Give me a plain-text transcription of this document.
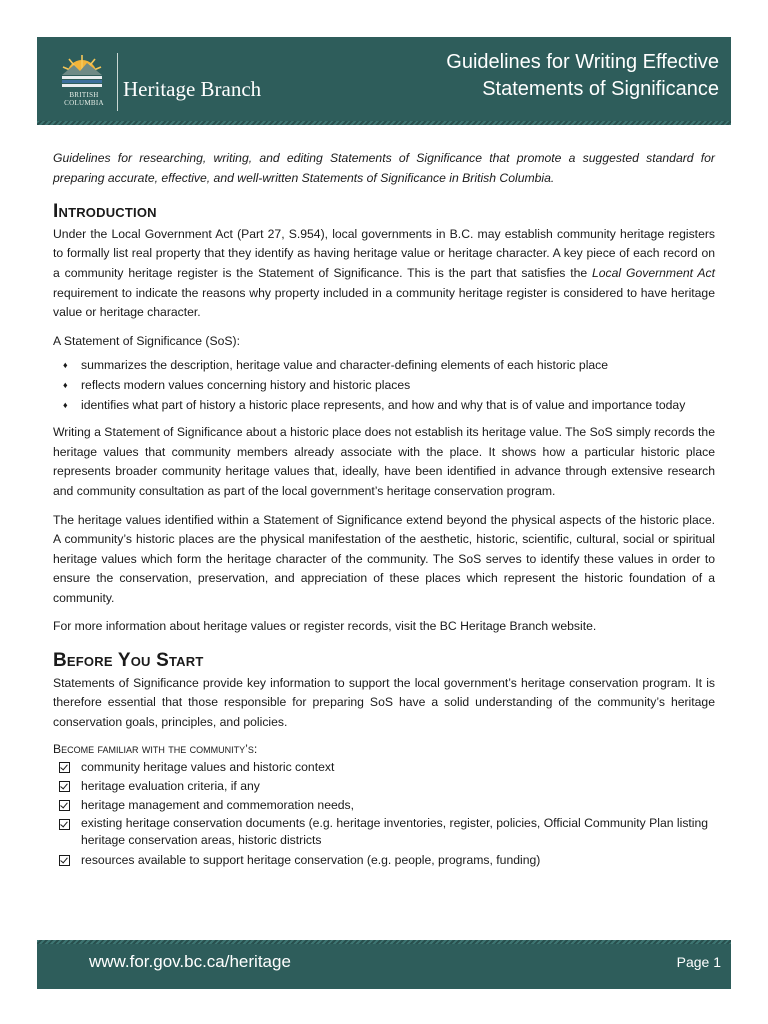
BRITISH
COLUMBIA
Heritage Branch
Guidelines for Writing Effective
Statements of Significance

Guidelines for researching, writing, and editing Statements of Significance that promote a suggested standard for preparing accurate, effective, and well-written Statements of Significance in British Columbia.

Introduction

Under the Local Government Act (Part 27, S.954), local governments in B.C. may establish community heritage registers to formally list real property that they identify as having heritage value or heritage character. A key piece of each record on a community heritage register is the Statement of Significance. This is the part that satisfies the Local Government Act requirement to indicate the reasons why property included in a community heritage register is considered to have heritage value or heritage character.

A Statement of Significance (SoS):

♦ summarizes the description, heritage value and character-defining elements of each historic place
♦ reflects modern values concerning history and historic places
♦ identifies what part of history a historic place represents, and how and why that is of value and importance today

Writing a Statement of Significance about a historic place does not establish its heritage value. The SoS simply records the heritage values that community members already associate with the place. It shows how a particular historic place represents broader community heritage values that, ideally, have been identified in advance through extensive research and community consultation as part of the local government’s heritage conservation program.

The heritage values identified within a Statement of Significance extend beyond the physical aspects of the historic place. A community’s historic places are the physical manifestation of the aesthetic, historic, scientific, cultural, social or spiritual heritage values which form the heritage character of the community. The SoS serves to identify these values in order to ensure the conservation, preservation, and appreciation of these places which represent the historic foundation of a community.

For more information about heritage values or register records, visit the BC Heritage Branch website.

Before You Start

Statements of Significance provide key information to support the local government’s heritage conservation program. It is therefore essential that those responsible for preparing SoS have a solid understanding of the community’s heritage conservation goals, principles, and policies.

Become familiar with the community’s:
community heritage values and historic context
heritage evaluation criteria, if any
heritage management and commemoration needs,
existing heritage conservation documents (e.g. heritage inventories, register, policies, Official Community Plan listing heritage conservation areas, historic districts
resources available to support heritage conservation (e.g. people, programs, funding)
www.for.gov.bc.ca/heritage	Page 1
